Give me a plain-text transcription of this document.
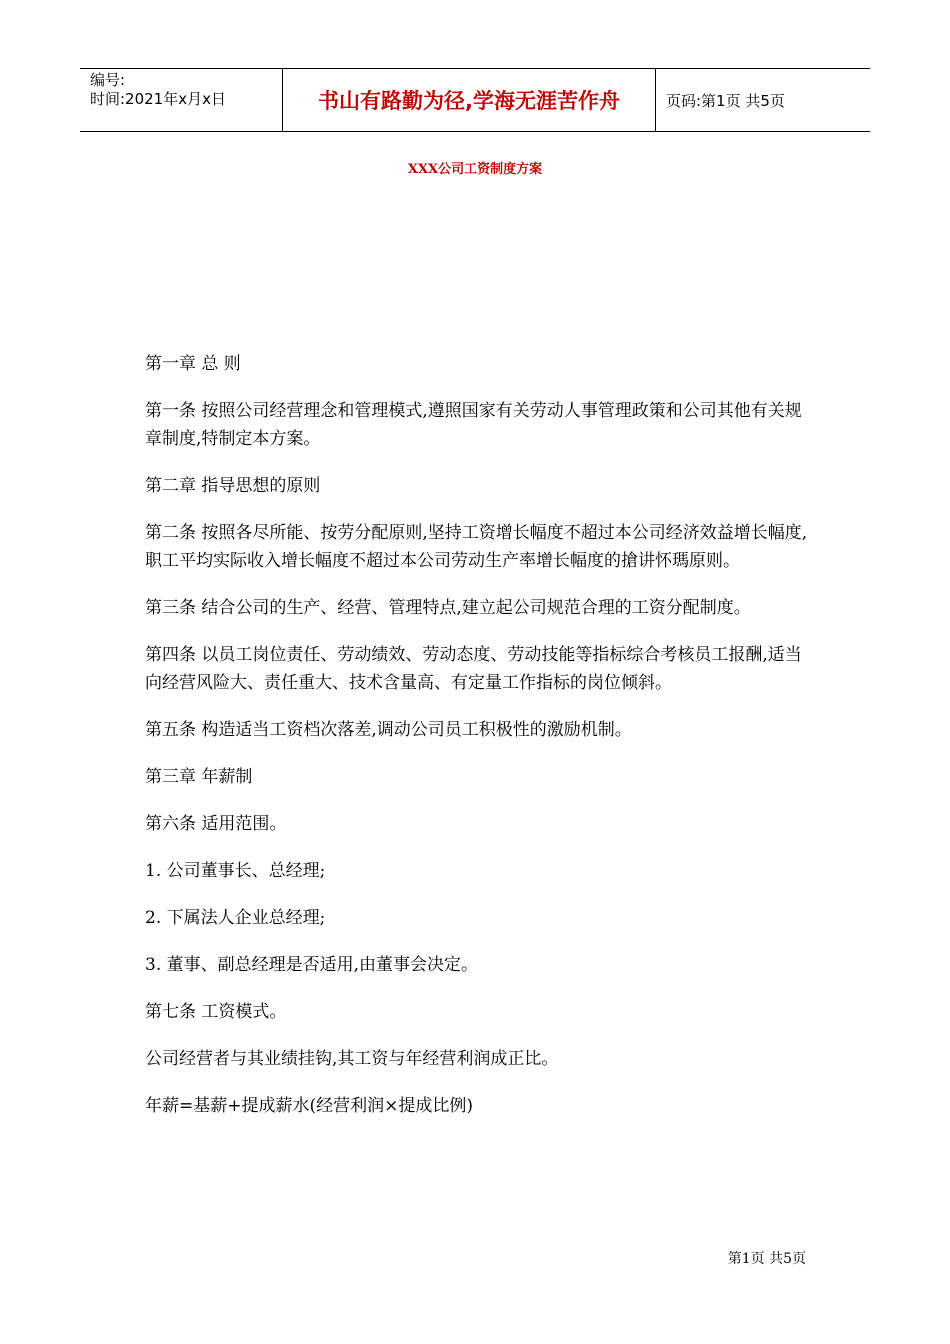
编号:
时间:2021年x月x日	书山有路勤为径,学海无涯苦作舟	页码:第1页 共5页
XXX公司工资制度方案

第一章 总 则

第一条 按照公司经营理念和管理模式,遵照国家有关劳动人事管理政策和公司其他有关规章制度,特制定本方案。

第二章 指导思想的原则

第二条 按照各尽所能、按劳分配原则,坚持工资增长幅度不超过本公司经济效益增长幅度,职工平均实际收入增长幅度不超过本公司劳动生产率增长幅度的搶讲怀瑪原则。

第三条 结合公司的生产、经营、管理特点,建立起公司规范合理的工资分配制度。

第四条 以员工岗位责任、劳动绩效、劳动态度、劳动技能等指标综合考核员工报酬,适当向经营风险大、责任重大、技术含量高、有定量工作指标的岗位倾斜。

第五条 构造适当工资档次落差,调动公司员工积极性的激励机制。

第三章 年薪制

第六条 适用范围。

1. 公司董事长、总经理;

2. 下属法人企业总经理;

3. 董事、副总经理是否适用,由董事会决定。

第七条 工资模式。

公司经营者与其业绩挂钩,其工资与年经营利润成正比。

年薪=基薪+提成薪水(经营利润×提成比例)

第1页 共5页
